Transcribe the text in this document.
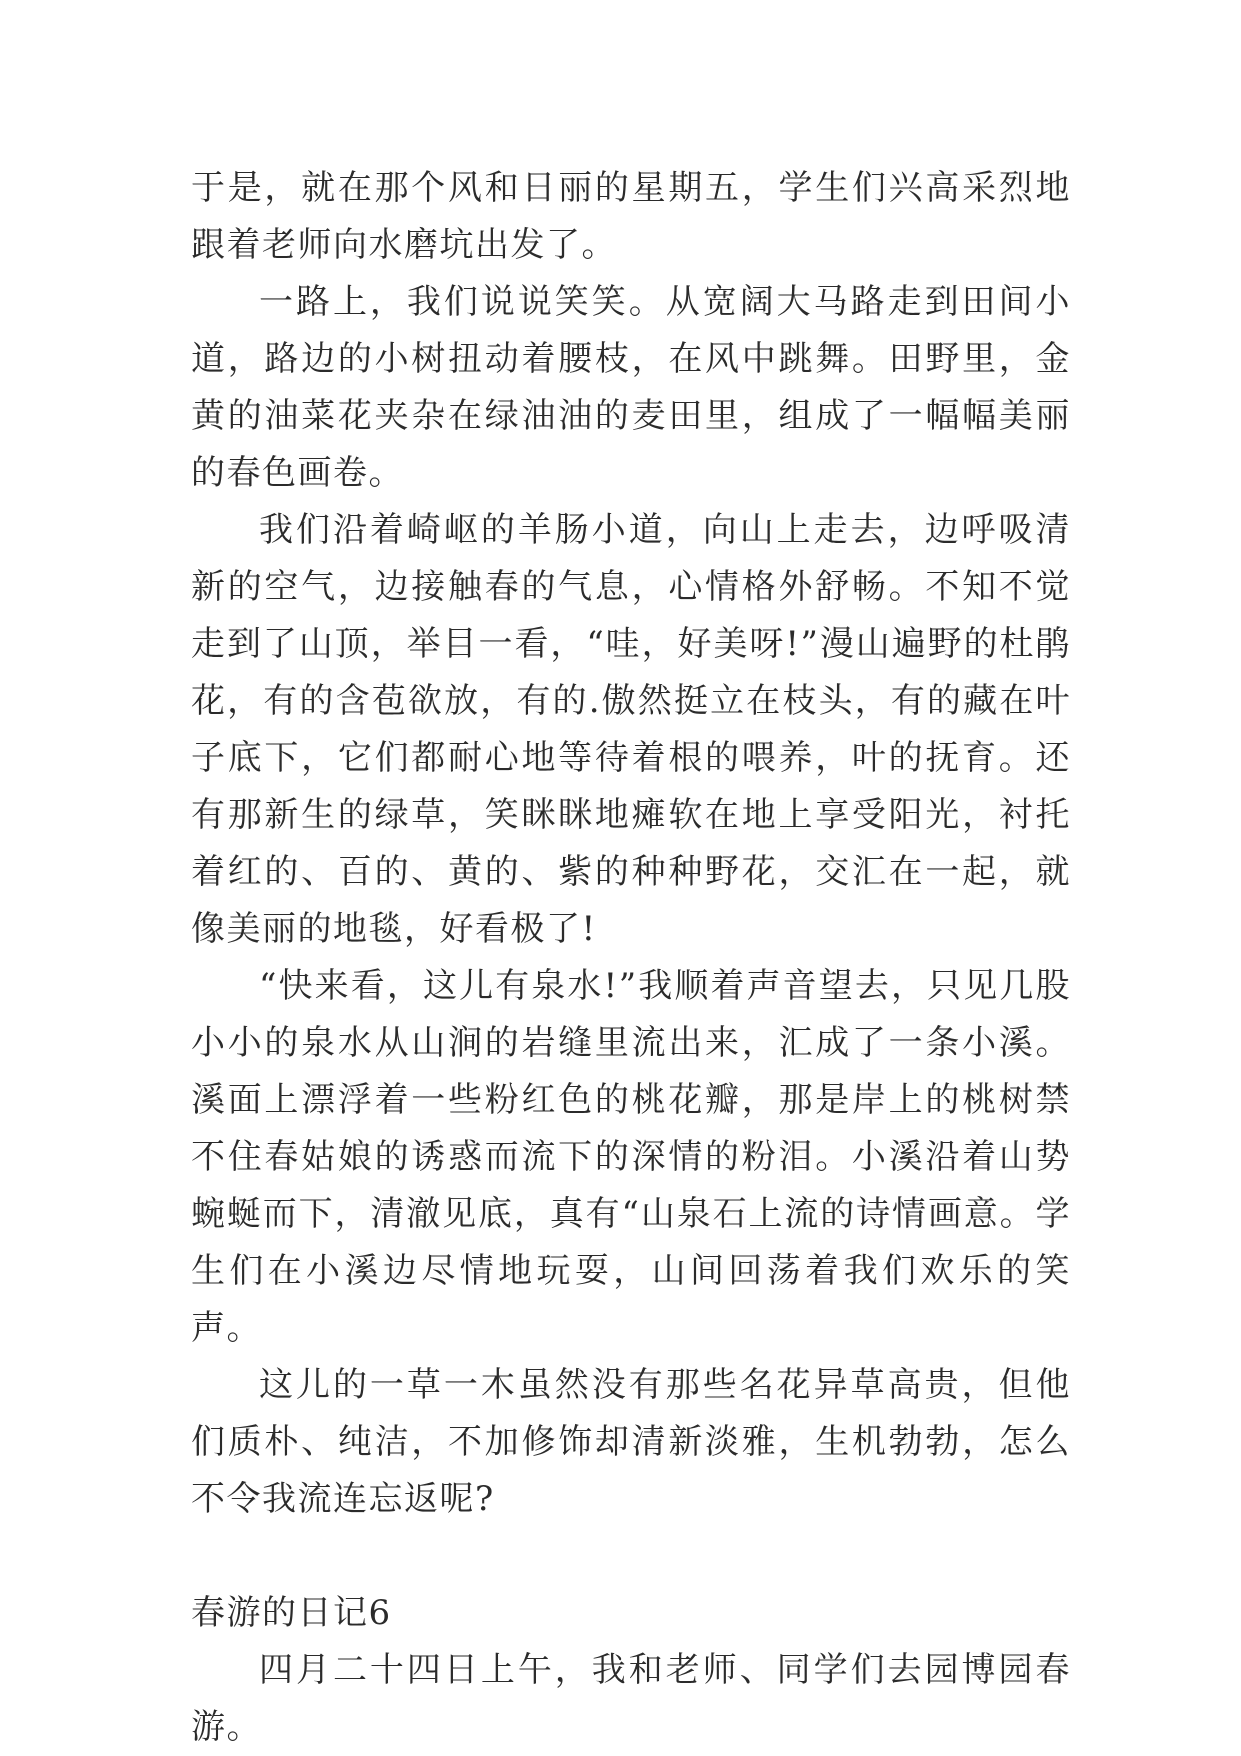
于是，就在那个风和日丽的星期五，学生们兴高采烈地跟着老师向水磨坑出发了。

一路上，我们说说笑笑。从宽阔大马路走到田间小道，路边的小树扭动着腰枝，在风中跳舞。田野里，金黄的油菜花夹杂在绿油油的麦田里，组成了一幅幅美丽的春色画卷。

我们沿着崎岖的羊肠小道，向山上走去，边呼吸清新的空气，边接触春的气息，心情格外舒畅。不知不觉走到了山顶，举目一看，“哇，好美呀!”漫山遍野的杜鹃花，有的含苞欲放，有的.傲然挺立在枝头，有的藏在叶子底下，它们都耐心地等待着根的喂养，叶的抚育。还有那新生的绿草，笑眯眯地瘫软在地上享受阳光，衬托着红的、百的、黄的、紫的种种野花，交汇在一起，就像美丽的地毯，好看极了!

“快来看，这儿有泉水!”我顺着声音望去，只见几股小小的泉水从山涧的岩缝里流出来，汇成了一条小溪。溪面上漂浮着一些粉红色的桃花瓣，那是岸上的桃树禁不住春姑娘的诱惑而流下的深情的粉泪。小溪沿着山势蜿蜒而下，清澈见底，真有“山泉石上流的诗情画意。学生们在小溪边尽情地玩耍，山间回荡着我们欢乐的笑声。

这儿的一草一木虽然没有那些名花异草高贵，但他们质朴、纯洁，不加修饰却清新淡雅，生机勃勃，怎么不令我流连忘返呢?

春游的日记6

四月二十四日上午，我和老师、同学们去园博园春游。
